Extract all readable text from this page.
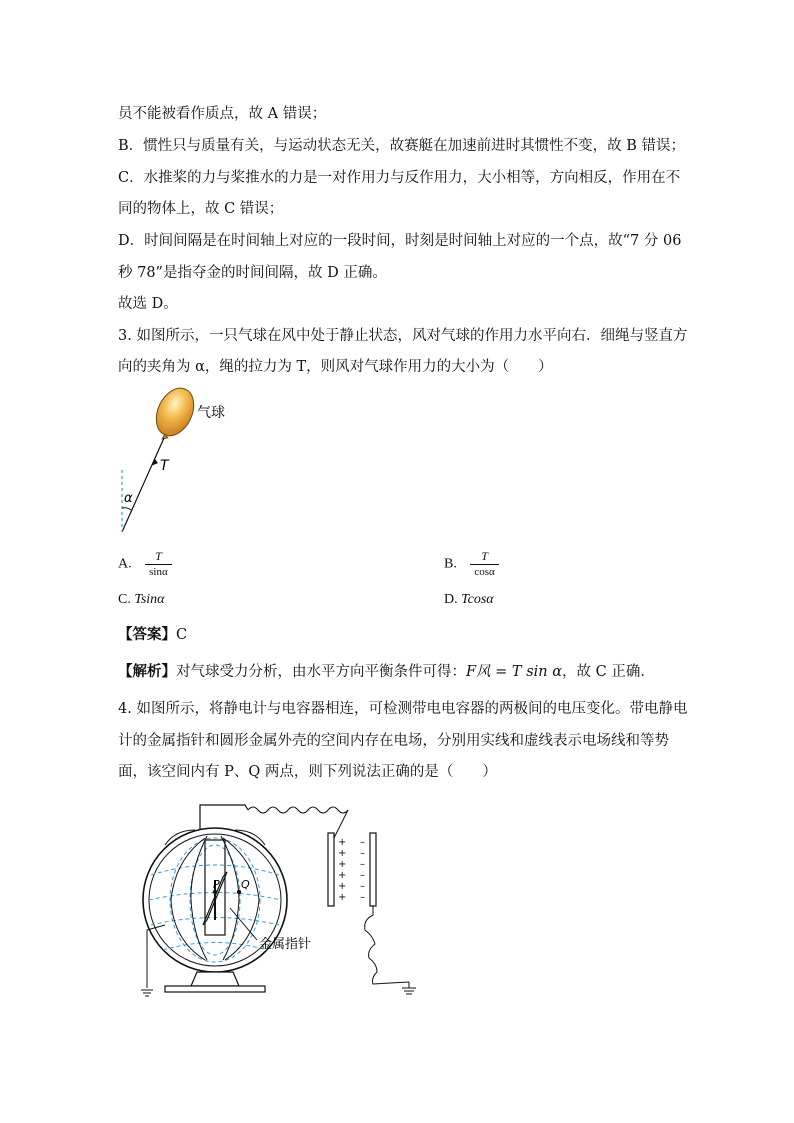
员不能被看作质点，故 A 错误；
B．惯性只与质量有关，与运动状态无关，故赛艇在加速前进时其惯性不变，故 B 错误；
C．水推桨的力与桨推水的力是一对作用力与反作用力，大小相等，方向相反，作用在不
同的物体上，故 C 错误；
D．时间间隔是在时间轴上对应的一段时间，时刻是时间轴上对应的一个点，故“7 分 06
秒 78”是指夺金的时间间隔，故 D 正确。
故选 D。
3. 如图所示，一只气球在风中处于静止状态，风对气球的作用力水平向右．细绳与竖直方
向的夹角为 α，绳的拉力为 T，则风对气球作用力的大小为（　　）
气球
T
α
A. $\frac{T}{\sin\alpha}$	B. $\frac{T}{\cos\alpha}$
C. Tsinα	D. Tcosα
【答案】C
【解析】对气球受力分析，由水平方向平衡条件可得：F风 = T sin α，故 C 正确．
4. 如图所示，将静电计与电容器相连，可检测带电电容器的两极间的电压变化。带电静电
计的金属指针和圆形金属外壳的空间内存在电场，分别用实线和虚线表示电场线和等势
面，该空间内有 P、Q 两点，则下列说法正确的是（　　）
P Q
金属指针
+
+
+
+
+
+
–
–
–
–
–
–
